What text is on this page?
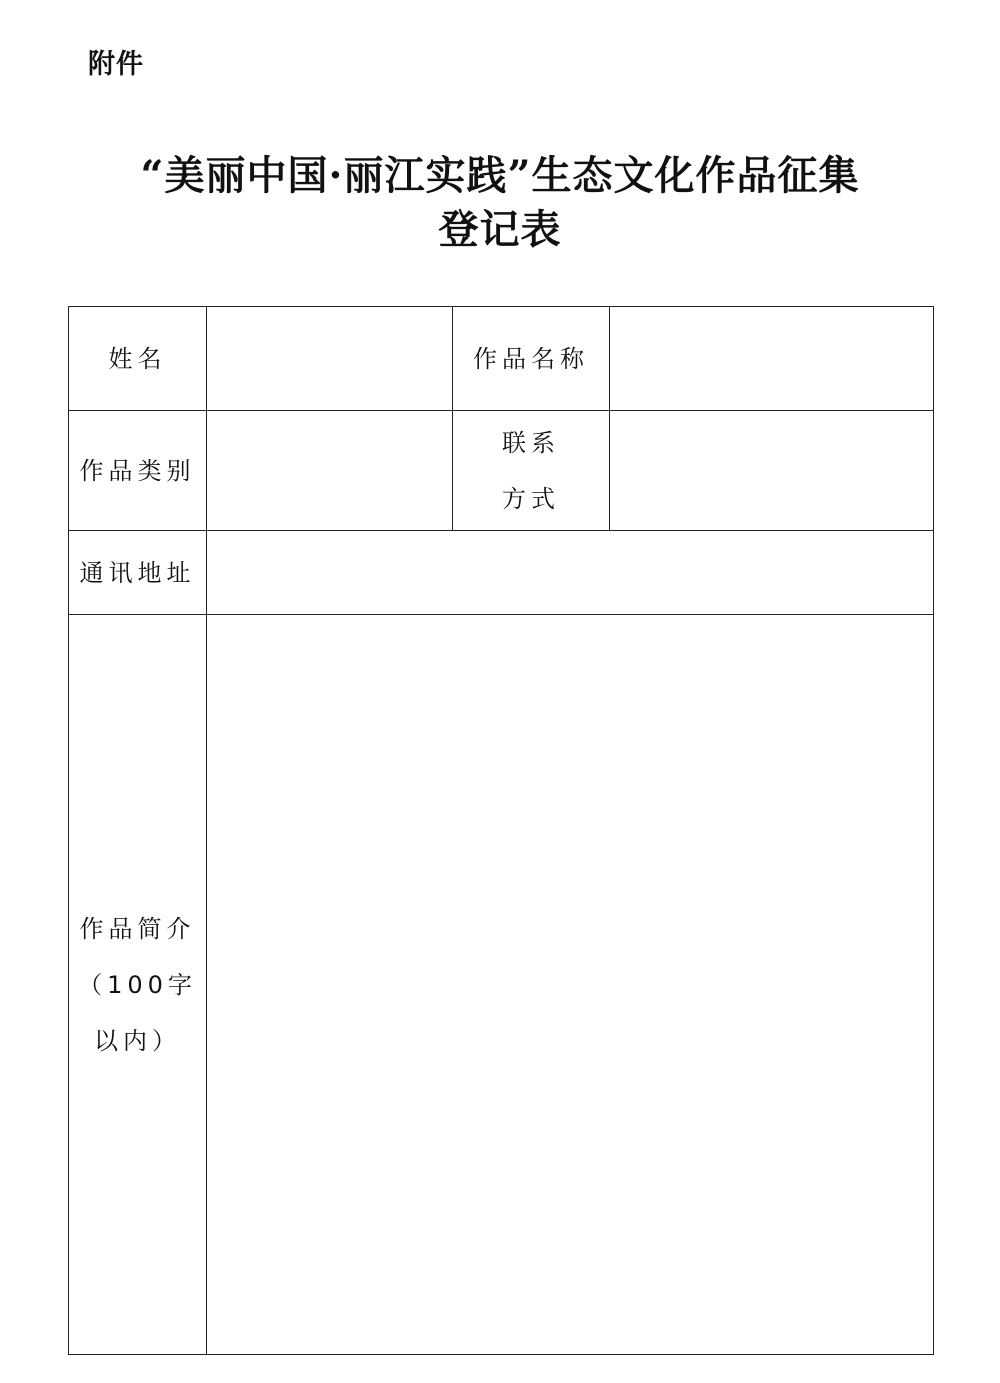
附件
“美丽中国·丽江实践”生态文化作品征集
登记表
姓名		作品名称	

作品类别		联系
方式	

通讯地址			

作品简介
（100字
以内）			
